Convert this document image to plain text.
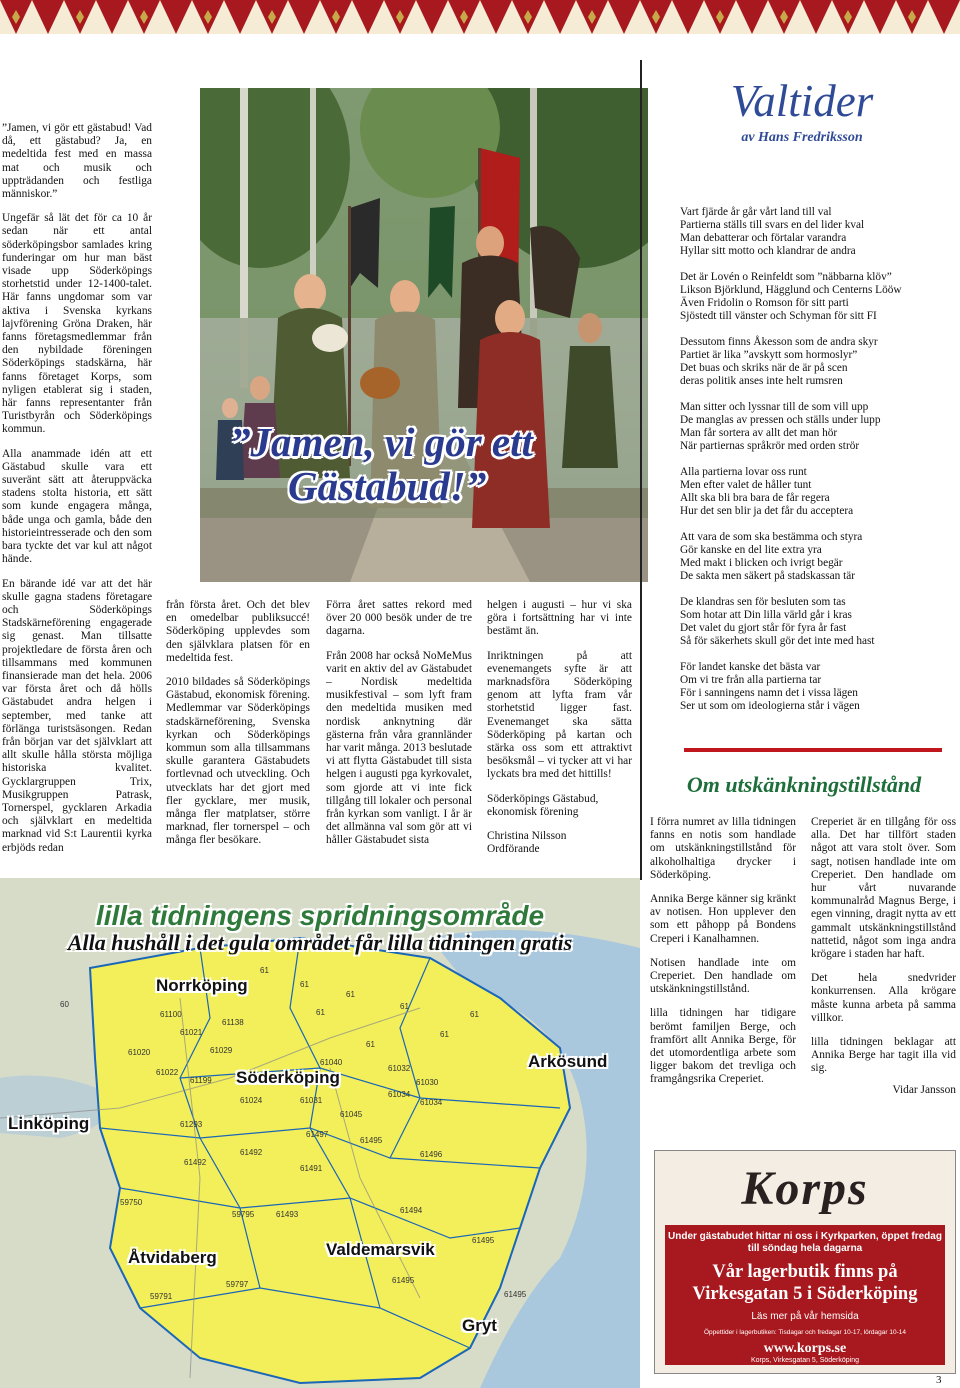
”Jamen, vi gör ett gästabud! Vad då, ett gästabud? Ja, en medeltida fest med en massa mat och musik och uppträdanden och festliga människor.”

Ungefär så lät det för ca 10 år sedan när ett antal söderköpingsbor samlades kring funderingar om hur man bäst visade upp Söderköpings storhetstid under 12-1400-talet. Här fanns ungdomar som var aktiva i Svenska kyrkans lajvförening Gröna Draken, här fanns företagsmedlemmar från den nybildade föreningen Söderköpings stadskärna, här fanns företaget Korps, som nyligen etablerat sig i staden, här fanns representanter från Turistbyrån och Söderköpings kommun.

Alla anammade idén att ett Gästabud skulle vara ett suveränt sätt att återuppväcka stadens stolta historia, ett sätt som kunde engagera många, både unga och gamla, både den historieintresserade och den som bara tyckte det var kul att något hände.

En bärande idé var att det här skulle gagna stadens företagare och Söderköpings Stadskärneförening engagerade sig genast. Man tillsatte projektledare de första åren och tillsammans med kommunen finansierade man det hela. 2006 var första året och då hölls Gästabudet andra helgen i september, med tanke att förlänga turistsäsongen. Redan från början var det självklart att allt skulle hålla största möjliga historiska kvalitet. Gycklargruppen Trix, Musikgruppen Patrask, Tornerspel, gycklaren Arkadia och självklart en medeltida marknad vid S:t Laurentii kyrka erbjöds redan

”Jamen, vi gör ett
Gästabud!”

från första året. Och det blev en omedelbar publiksuccé! Söderköping upplevdes som den självklara platsen för en medeltida fest.

2010 bildades så Söderköpings Gästabud, ekonomisk förening. Medlemmar var Söderköpings stadskärneförening, Svenska kyrkan och Söderköpings kommun som alla tillsammans skulle garantera Gästabudets fortlevnad och utveckling. Och utvecklats har det gjort med fler gycklare, mer musik, många fler matplatser, större marknad, fler tornerspel – och många fler besökare.

Förra året sattes rekord med över 20 000 besök under de tre dagarna.

Från 2008 har också NoMeMus varit en aktiv del av Gästabudet – Nordisk medeltida musikfestival – som lyft fram den medeltida musiken med nordisk anknytning där gästerna från våra grannländer har varit många. 2013 beslutade vi att flytta Gästabudet till sista helgen i augusti pga kyrkovalet, som gjorde att vi inte fick tillgång till lokaler och personal från kyrkan som vanligt. I år är det allmänna val som gör att vi håller Gästabudet sista

helgen i augusti – hur vi ska göra i fortsättning har vi inte bestämt än.

Inriktningen på att evenemangets syfte är att marknadsföra Söderköping genom att lyfta fram vår storhetstid ligger fast. Evenemanget ska sätta Söderköping på kartan och stärka oss som ett attraktivt besöksmål – vi tycker att vi har lyckats bra med det hittills!

Söderköpings Gästabud, ekonomisk förening

Christina Nilsson Ordförande

Valtider
av Hans Fredriksson
Vart fjärde år går vårt land till val
Partierna ställs till svars en del lider kval
Man debatterar och förtalar varandra
Hyllar sitt motto och klandrar de andra
Det är Lovén o Reinfeldt som ”näbbarna klöv”
Likson Björklund, Hägglund och Centerns Lööw
Även Fridolin o Romson för sitt parti
Sjöstedt till vänster och Schyman för sitt FI
Dessutom finns Åkesson som de andra skyr
Partiet är lika ”avskytt som hormoslyr”
Det buas och skriks när de är på scen
deras politik anses inte helt rumsren
Man sitter och lyssnar till de som vill upp
De manglas av pressen och ställs under lupp
Man får sortera av allt det man hör
När partiernas språkrör med orden strör
Alla partierna lovar oss runt
Men efter valet de håller tunt
Allt ska bli bra bara de får regera
Hur det sen blir ja det får du acceptera
Att vara de som ska bestämma och styra
Gör kanske en del lite extra yra
Med makt i blicken och ivrigt begär
De sakta men säkert på stadskassan tär
De klandras sen för besluten som tas
Som hotar att Din lilla värld går i kras
Det valet du gjort står för fyra år fast
Så för säkerhets skull gör det inte med hast
För landet kanske det bästa var
Om vi tre från alla partierna tar
För i sanningens namn det i vissa lägen
Ser ut som om ideologierna står i vägen
Om utskänkningstillstånd

I förra numret av lilla tidningen fanns en notis som handlade om utskänkningstillstånd för alkoholhaltiga drycker i Söderköping.

Annika Berge känner sig kränkt av notisen. Hon upplever den som ett påhopp på Bondens Creperi i Kanalhamnen.

Notisen handlade inte om Creperiet. Den handlade om utskänkningstillstånd.

lilla tidningen har tidigare berömt familjen Berge, och framfört allt Annika Berge, för det utomordentliga arbete som ligger bakom det trevliga och framgångsrika Creperiet.

Creperiet är en tillgång för oss alla. Det har tillfört staden något att vara stolt över. Som sagt, notisen handlade inte om Creperiet. Den handlade om hur vårt nuvarande kommunalråd Magnus Berge, i egen vinning, dragit nytta av ett gammalt utskänkningstillstånd nattetid, något som inga andra krögare i staden har haft.

Det hela snedvrider konkurrensen. Alla krögare måste kunna arbeta på samma villkor.

lilla tidningen beklagar att Annika Berge har tagit illa vid sig.

Vidar Jansson

lilla tidningens spridningsområde
Alla hushåll i det gula området får lilla tidningen gratis
Norrköping
Söderköping
Arkösund
Linköping
Åtvidaberg	Valdemarsvik
Gryt
60
61
61
61
61
61
61
61
61
61100
61138
61021
61020	61029
61040
61032
61022
61030
61024
61199
61034
61031	61034
61045
61293
61495
61496
61492
61492
61497
61491
61493	61494
61495
61495
59750
59791
59795
59797
61495
Korps
Under gästabudet hittar ni oss i Kyrkparken, öppet fredag till söndag hela dagarna
Vår lagerbutik finns på
Virkesgatan 5 i Söderköping
Läs mer på vår hemsida
Öppettider i lagerbutiken: Tisdagar och fredagar 10-17, lördagar 10-14
www.korps.se
Korps, Virkesgatan 5, Söderköping
3
